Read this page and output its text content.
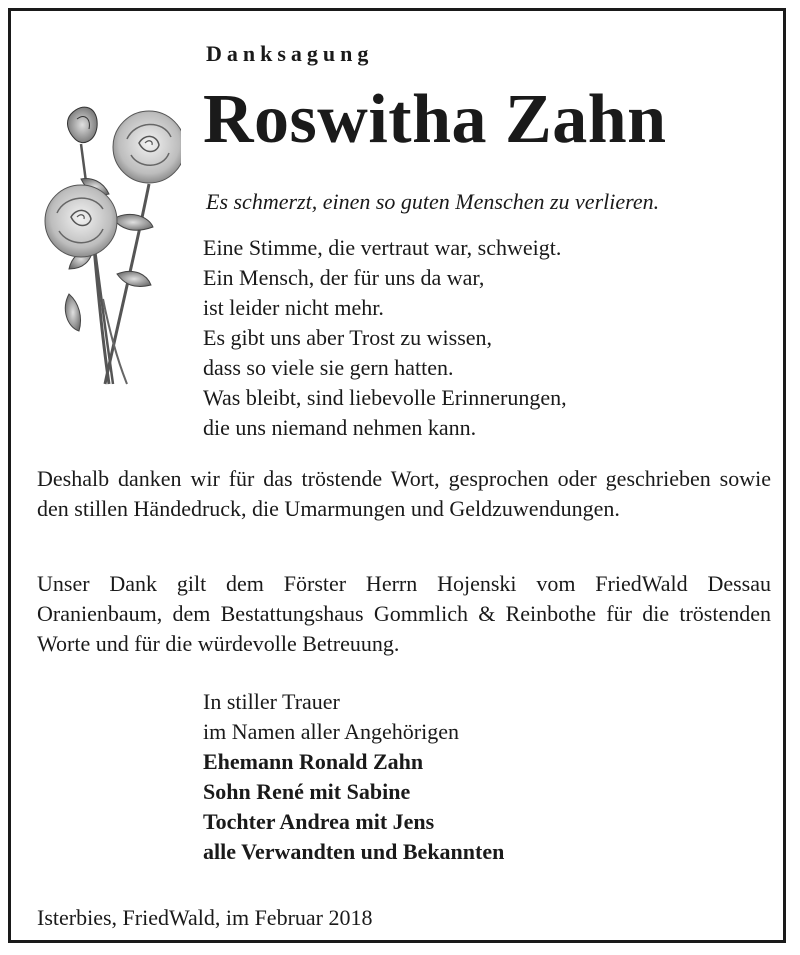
Danksagung
Roswitha Zahn
Es schmerzt, einen so guten Menschen zu verlieren.
Eine Stimme, die vertraut war, schweigt.
Ein Mensch, der für uns da war,
ist leider nicht mehr.
Es gibt uns aber Trost zu wissen,
dass so viele sie gern hatten.
Was bleibt, sind liebevolle Erinnerungen,
die uns niemand nehmen kann.
Deshalb danken wir für das tröstende Wort, gesprochen oder geschrieben sowie den stillen Händedruck, die Umarmungen und Geldzuwendungen.
Unser Dank gilt dem Förster Herrn Hojenski vom FriedWald Dessau Oranienbaum, dem Bestattungshaus Gommlich & Reinbothe für die tröstenden Worte und für die würdevolle Betreuung.
In stiller Trauer
im Namen aller Angehörigen
Ehemann Ronald Zahn
Sohn René mit Sabine
Tochter Andrea mit Jens
alle Verwandten und Bekannten
Isterbies, FriedWald, im Februar 2018
